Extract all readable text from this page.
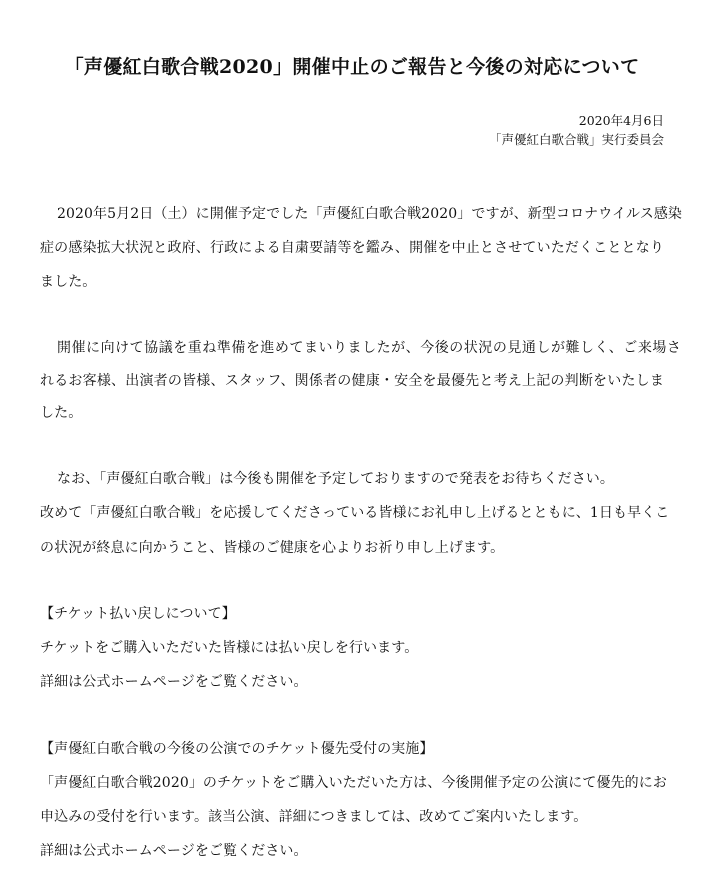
「声優紅白歌合戦2020」開催中止のご報告と今後の対応について
2020年4月6日
「声優紅白歌合戦」実行委員会
2020年5月2日（土）に開催予定でした「声優紅白歌合戦2020」ですが、新型コロナウイルス感染
症の感染拡大状況と政府、行政による自粛要請等を鑑み、開催を中止とさせていただくこととなり
ました。
開催に向けて協議を重ね準備を進めてまいりましたが、今後の状況の見通しが難しく、ご来場さ
れるお客様、出演者の皆様、スタッフ、関係者の健康・安全を最優先と考え上記の判断をいたしま
した。
なお、「声優紅白歌合戦」は今後も開催を予定しておりますので発表をお待ちください。
改めて「声優紅白歌合戦」を応援してくださっている皆様にお礼申し上げるとともに、1日も早くこ
の状況が終息に向かうこと、皆様のご健康を心よりお祈り申し上げます。
【チケット払い戻しについて】
チケットをご購入いただいた皆様には払い戻しを行います。
詳細は公式ホームページをご覧ください。
【声優紅白歌合戦の今後の公演でのチケット優先受付の実施】
「声優紅白歌合戦2020」のチケットをご購入いただいた方は、今後開催予定の公演にて優先的にお
申込みの受付を行います。該当公演、詳細につきましては、改めてご案内いたします。
詳細は公式ホームページをご覧ください。
